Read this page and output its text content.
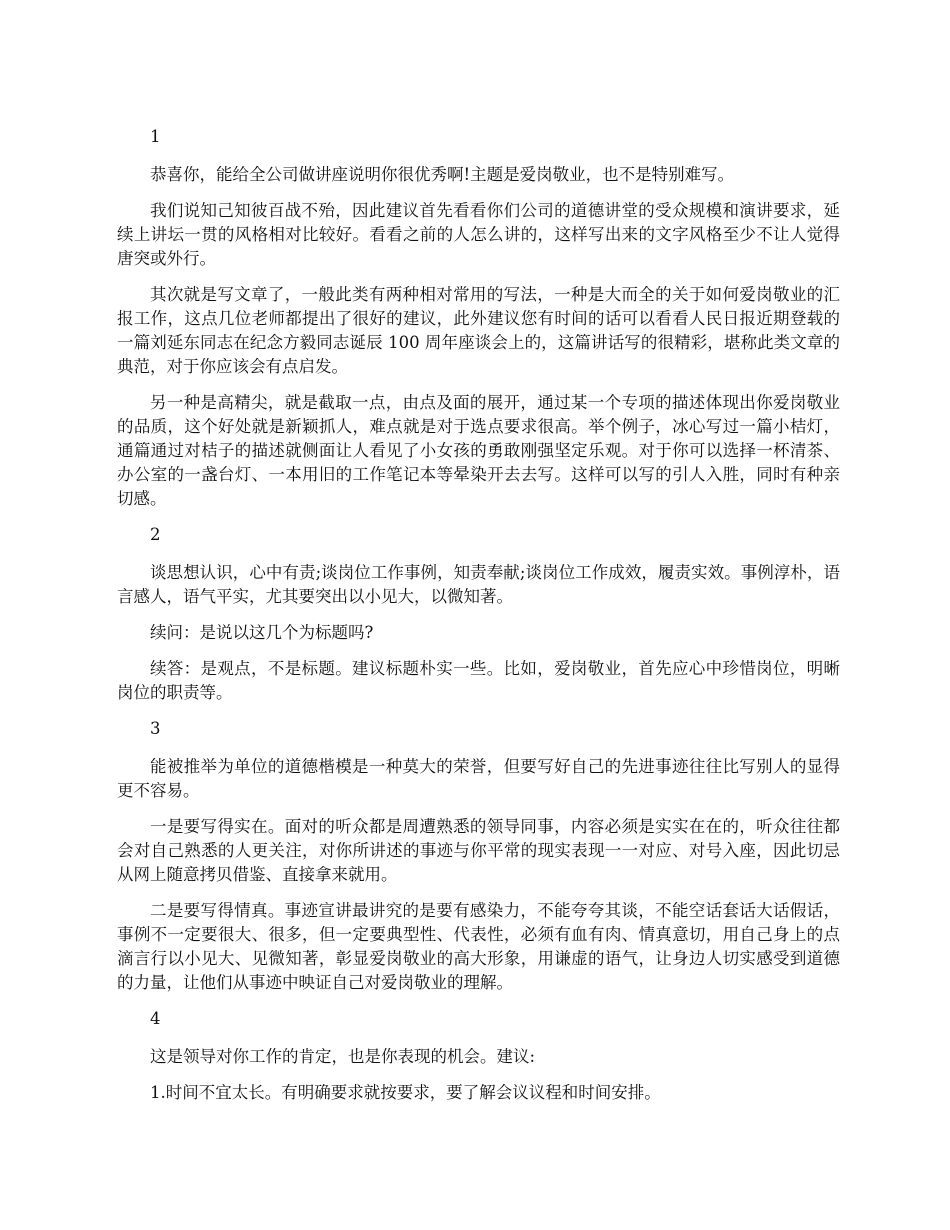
1

恭喜你，能给全公司做讲座说明你很优秀啊!主题是爱岗敬业，也不是特别难写。

我们说知己知彼百战不殆，因此建议首先看看你们公司的道德讲堂的受众规模和演讲要求，延续上讲坛一贯的风格相对比较好。看看之前的人怎么讲的，这样写出来的文字风格至少不让人觉得唐突或外行。

其次就是写文章了，一般此类有两种相对常用的写法，一种是大而全的关于如何爱岗敬业的汇报工作，这点几位老师都提出了很好的建议，此外建议您有时间的话可以看看人民日报近期登载的一篇刘延东同志在纪念方毅同志诞辰 100 周年座谈会上的，这篇讲话写的很精彩，堪称此类文章的典范，对于你应该会有点启发。

另一种是高精尖，就是截取一点，由点及面的展开，通过某一个专项的描述体现出你爱岗敬业的品质，这个好处就是新颖抓人，难点就是对于选点要求很高。举个例子，冰心写过一篇小桔灯，通篇通过对桔子的描述就侧面让人看见了小女孩的勇敢刚强坚定乐观。对于你可以选择一杯清茶、办公室的一盏台灯、一本用旧的工作笔记本等晕染开去去写。这样可以写的引人入胜，同时有种亲切感。

2

谈思想认识，心中有责;谈岗位工作事例，知责奉献;谈岗位工作成效，履责实效。事例淳朴，语言感人，语气平实，尤其要突出以小见大，以微知著。

续问：是说以这几个为标题吗?

续答：是观点，不是标题。建议标题朴实一些。比如，爱岗敬业，首先应心中珍惜岗位，明晰岗位的职责等。

3

能被推举为单位的道德楷模是一种莫大的荣誉，但要写好自己的先进事迹往往比写别人的显得更不容易。

一是要写得实在。面对的听众都是周遭熟悉的领导同事，内容必须是实实在在的，听众往往都会对自己熟悉的人更关注，对你所讲述的事迹与你平常的现实表现一一对应、对号入座，因此切忌从网上随意拷贝借鉴、直接拿来就用。

二是要写得情真。事迹宣讲最讲究的是要有感染力，不能夸夸其谈，不能空话套话大话假话，事例不一定要很大、很多，但一定要典型性、代表性，必须有血有肉、情真意切，用自己身上的点滴言行以小见大、见微知著，彰显爱岗敬业的高大形象，用谦虚的语气，让身边人切实感受到道德的力量，让他们从事迹中映证自己对爱岗敬业的理解。

4

这是领导对你工作的肯定，也是你表现的机会。建议:

1.时间不宜太长。有明确要求就按要求，要了解会议议程和时间安排。
